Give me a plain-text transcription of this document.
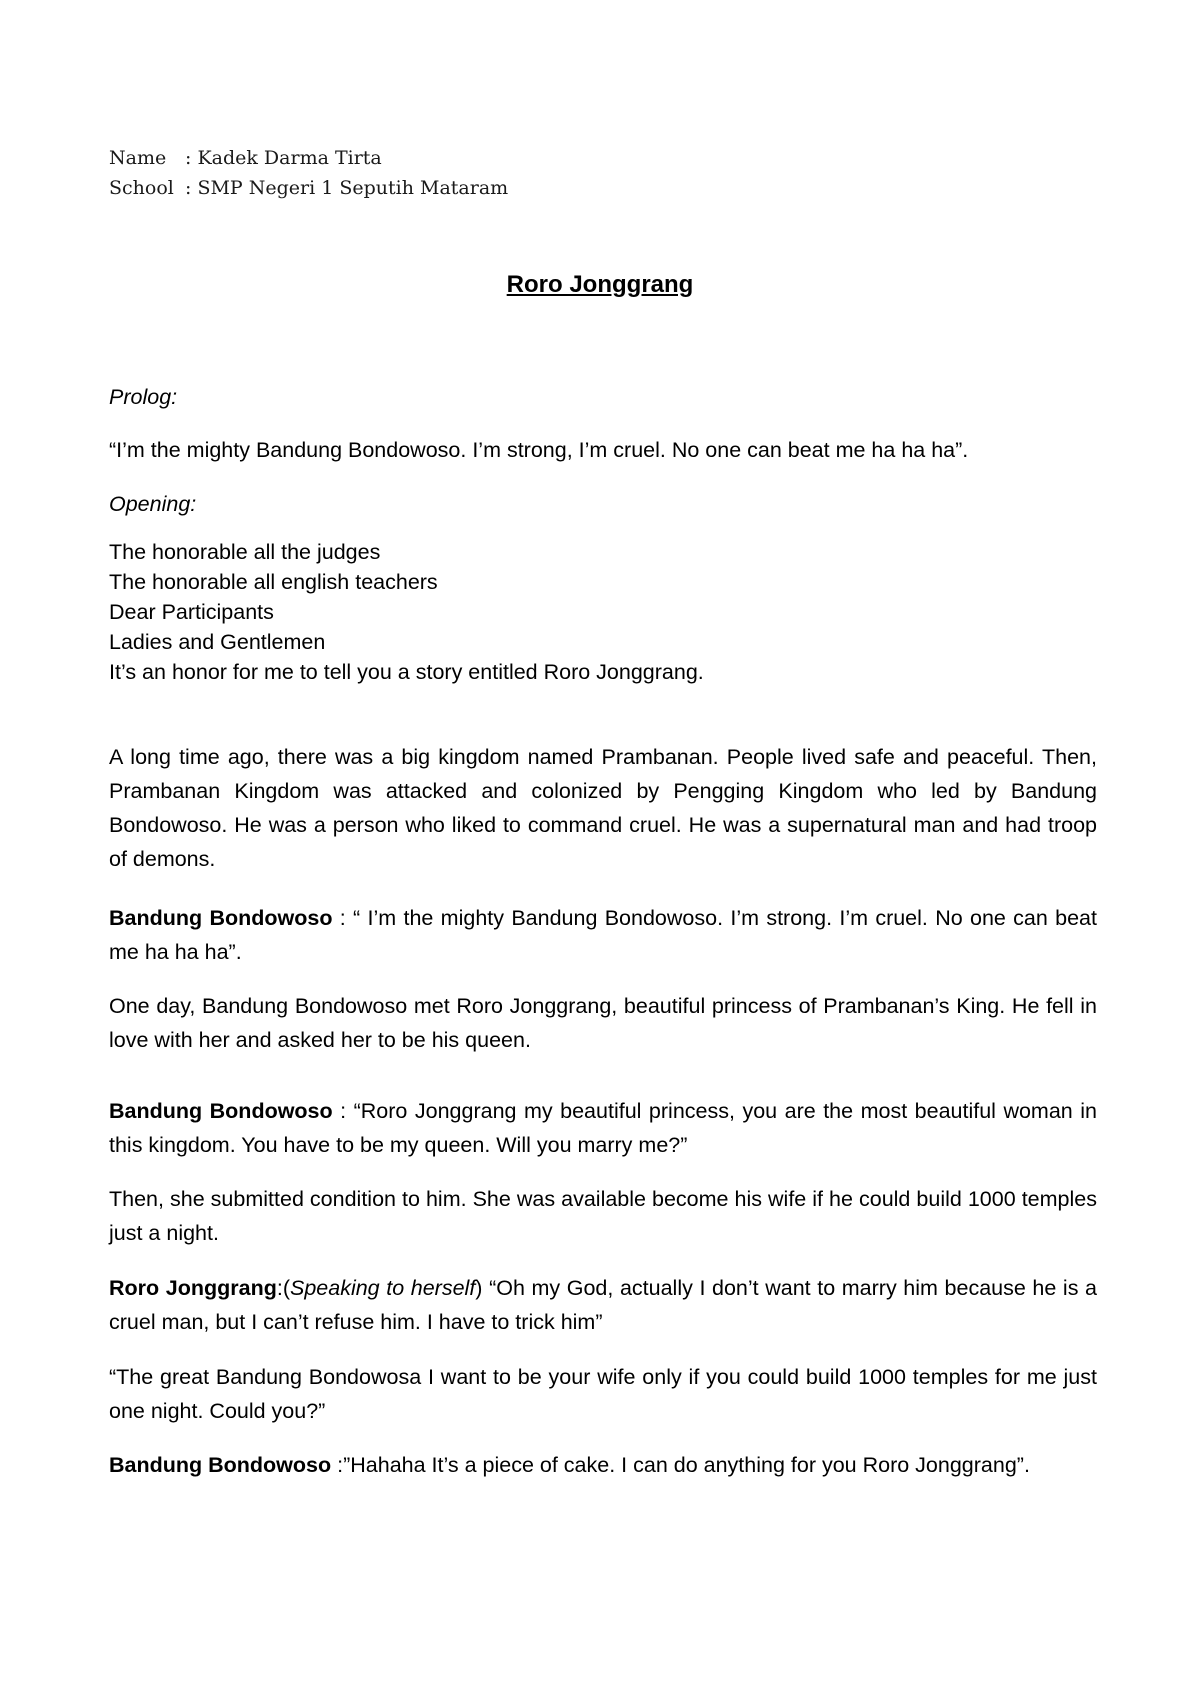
Name : Kadek Darma Tirta
School : SMP Negeri 1 Seputih Mataram
Roro Jonggrang
Prolog:
“I’m the mighty Bandung Bondowoso. I’m strong, I’m cruel. No one can beat me ha ha ha”.
Opening:
The honorable all the judges
The honorable all english teachers
Dear Participants
Ladies and Gentlemen
It’s an honor for me to tell you a story entitled Roro Jonggrang.
A long time ago, there was a big kingdom named Prambanan. People lived safe and peaceful. Then, Prambanan Kingdom was attacked and colonized by Pengging Kingdom who led by Bandung Bondowoso. He was a person who liked to command cruel. He was a supernatural man and had troop of demons.
Bandung Bondowoso : “ I’m the mighty Bandung Bondowoso. I’m strong. I’m cruel. No one can beat me ha ha ha”.
One day, Bandung Bondowoso met Roro Jonggrang, beautiful princess of Prambanan’s King. He fell in love with her and asked her to be his queen.
Bandung Bondowoso : “Roro Jonggrang my beautiful princess, you are the most beautiful woman in this kingdom. You have to be my queen. Will you marry me?”
Then, she submitted condition to him. She was available become his wife if he could build 1000 temples just a night.
Roro Jonggrang:(Speaking to herself) “Oh my God, actually I don’t want to marry him because he is a cruel man, but I can’t refuse him. I have to trick him”
“The great Bandung Bondowosa I want to be your wife only if you could build 1000 temples for me just one night. Could you?”
Bandung Bondowoso :”Hahaha It’s a piece of cake. I can do anything for you Roro Jonggrang”.
